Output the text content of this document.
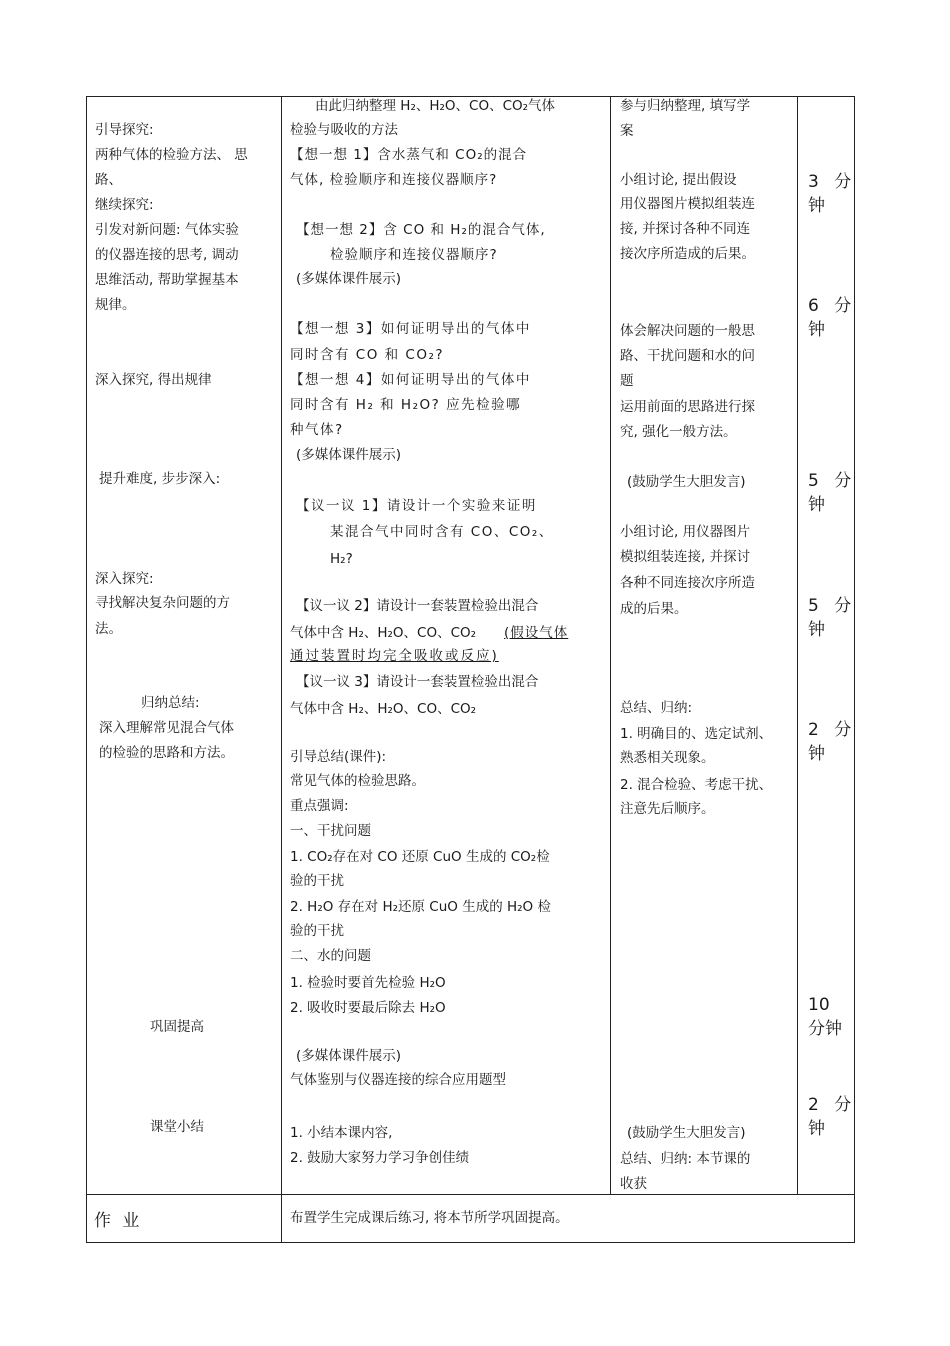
引导探究:
两种气体的检验方法、 思
路、
继续探究:
引发对新问题: 气体实验
的仪器连接的思考, 调动
思维活动, 帮助掌握基本
规律。
深入探究, 得出规律
提升难度, 步步深入:
深入探究:
寻找解决复杂问题的方
法。
归纳总结:
深入理解常见混合气体
的检验的思路和方法。
巩固提高
课堂小结
由此归纳整理 H₂、H₂O、CO、CO₂气体
检验与吸收的方法
【想一想 1】含水蒸气和 CO₂的混合
气体, 检验顺序和连接仪器顺序?
【想一想 2】含 CO 和 H₂的混合气体,
检验顺序和连接仪器顺序?
(多媒体课件展示)
【想一想 3】如何证明导出的气体中
同时含有 CO 和 CO₂?
【想一想 4】如何证明导出的气体中
同时含有 H₂ 和 H₂O? 应先检验哪
种气体?
(多媒体课件展示)
【议一议 1】请设计一个实验来证明
某混合气中同时含有 CO、CO₂、
H₂?
【议一议 2】请设计一套装置检验出混合
气体中含 H₂、H₂O、CO、CO₂ (假设气体
通过装置时均完全吸收或反应)
【议一议 3】请设计一套装置检验出混合
气体中含 H₂、H₂O、CO、CO₂
引导总结(课件):
常见气体的检验思路。
重点强调:
一、干扰问题
1. CO₂存在对 CO 还原 CuO 生成的 CO₂检
验的干扰
2. H₂O 存在对 H₂还原 CuO 生成的 H₂O 检
验的干扰
二、水的问题
1. 检验时要首先检验 H₂O
2. 吸收时要最后除去 H₂O
(多媒体课件展示)
气体鉴别与仪器连接的综合应用题型
1. 小结本课内容,
2. 鼓励大家努力学习争创佳绩
参与归纳整理, 填写学
案
小组讨论, 提出假设
用仪器图片模拟组装连
接, 并探讨各种不同连
接次序所造成的后果。
体会解决问题的一般思
路、干扰问题和水的问
题
运用前面的思路进行探
究, 强化一般方法。
(鼓励学生大胆发言)
小组讨论, 用仪器图片
模拟组装连接, 并探讨
各种不同连接次序所造
成的后果。
总结、归纳:
1. 明确目的、选定试剂、
熟悉相关现象。
2. 混合检验、考虑干扰、
注意先后顺序。
(鼓励学生大胆发言)
总结、归纳: 本节课的
收获
3 分
钟
6 分
钟
5 分
钟
5 分
钟
2 分
钟
10
分钟
2 分
钟
作 业	布置学生完成课后练习, 将本节所学巩固提高。
